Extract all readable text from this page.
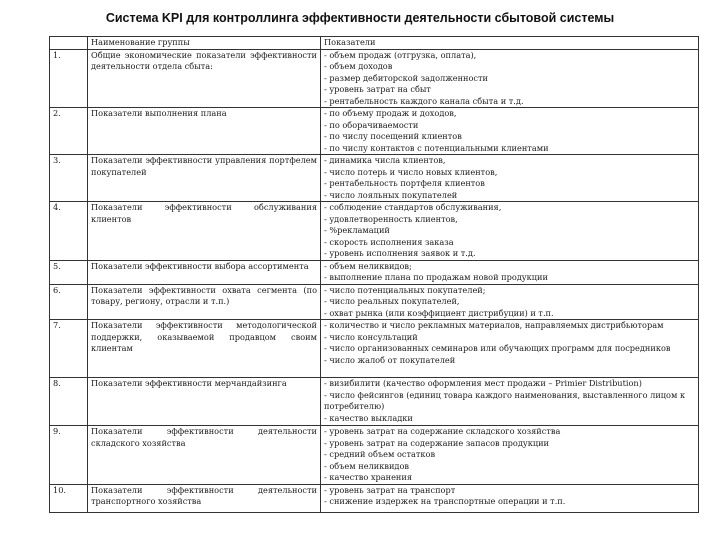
Система KPI для контроллинга эффективности деятельности сбытовой системы
	Наименование группы	Показатели
1.	Общие экономические показатели эффективности деятельности отдела сбыта:	- объем продаж (отгрузка, оплата),
- объем доходов
- размер дебиторской задолженности
- уровень затрат на сбыт
- рентабельность каждого канала сбыта и т.д.

2.	Показатели выполнения плана	- по объему продаж и доходов,
- по оборачиваемости
- по числу посещений клиентов
- по числу контактов с потенциальными клиентами

3.	Показатели эффективности управления портфелем покупателей	- динамика числа клиентов,
- число потерь и число новых клиентов,
- рентабельность портфеля клиентов
- число лояльных покупателей

4.	Показатели эффективности обслуживания клиентов	- соблюдение стандартов обслуживания,
- удовлетворенность клиентов,
- %рекламаций
- скорость исполнения заказа
- уровень исполнения заявок и т.д.

5.	Показатели эффективности выбора ассортимента	- объем неликвидов;
- выполнение плана по продажам новой продукции

6.	Показатели эффективности охвата сегмента (по товару, региону, отрасли и т.п.)	- число потенциальных покупателей;
- число реальных покупателей,
- охват рынка (или коэффициент дистрибуции) и т.п.

7.	Показатели эффективности методологической поддержки, оказываемой продавцом своим клиентам	- количество и число рекламных материалов, направляемых дистрибьюторам
- число консультаций
- число организованных семинаров или обучающих программ для посредников
- число жалоб от покупателей

8.	Показатели эффективности мерчандайзинга	- визибилити (качество оформления мест продажи – Primier Distribution)
- число фейсингов (единиц товара каждого наименования, выставленного лицом к потребителю)
- качество выкладки

9.	Показатели эффективности деятельности складского хозяйства	- уровень затрат на содержание складского хозяйства
- уровень затрат на содержание запасов продукции
- средний объем остатков
- объем неликвидов
- качество хранения

10.	Показатели эффективности деятельности транспортного хозяйства	- уровень затрат на транспорт
- снижение издержек на транспортные операции и т.п.
